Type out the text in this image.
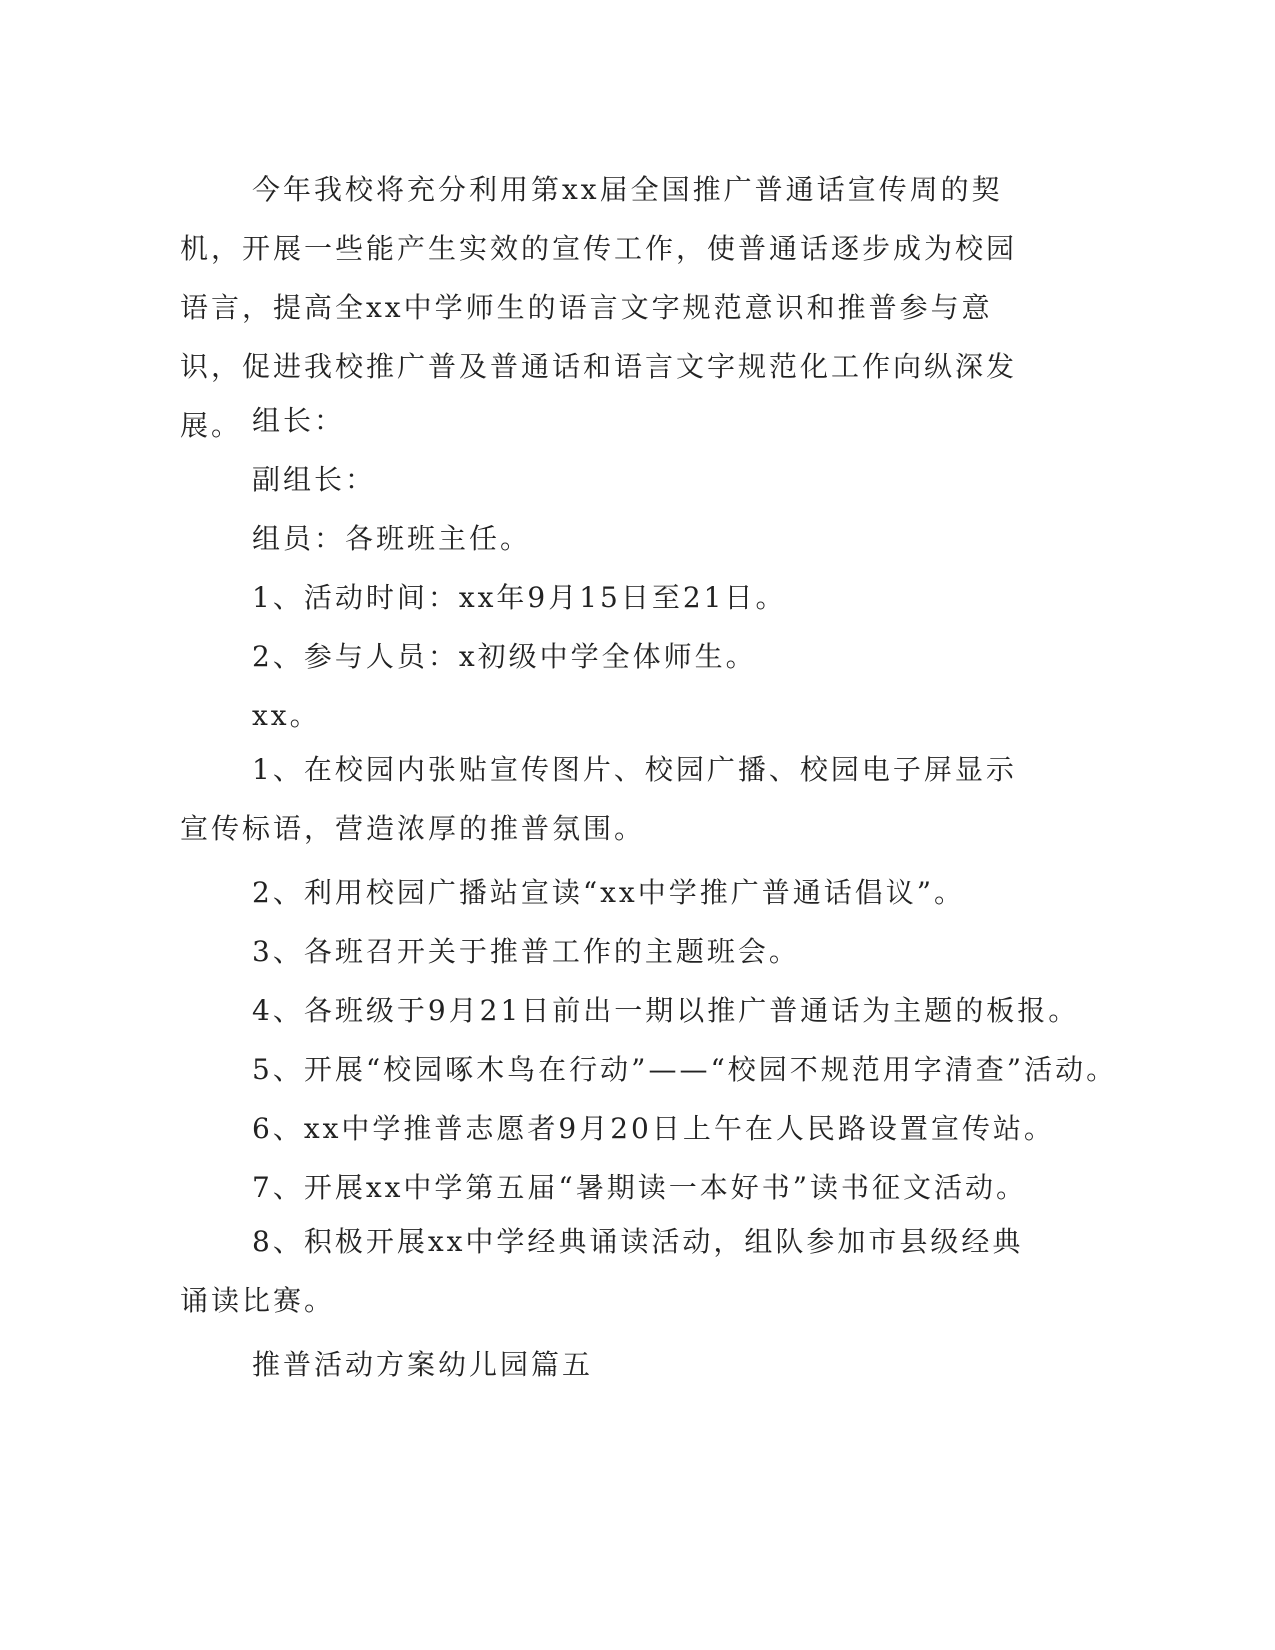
今年我校将充分利用第xx届全国推广普通话宣传周的契机，开展一些能产生实效的宣传工作，使普通话逐步成为校园语言，提高全xx中学师生的语言文字规范意识和推普参与意识，促进我校推广普及普通话和语言文字规范化工作向纵深发展。 组长：

副组长：

组员：各班班主任。

1、活动时间：xx年9月15日至21日。

2、参与人员：x初级中学全体师生。

xx。

1、在校园内张贴宣传图片、校园广播、校园电子屏显示宣传标语，营造浓厚的推普氛围。

2、利用校园广播站宣读“xx中学推广普通话倡议”。

3、各班召开关于推普工作的主题班会。

4、各班级于9月21日前出一期以推广普通话为主题的板报。

5、开展“校园啄木鸟在行动”——“校园不规范用字清查”活动。

6、xx中学推普志愿者9月20日上午在人民路设置宣传站。

7、开展xx中学第五届“暑期读一本好书”读书征文活动。

8、积极开展xx中学经典诵读活动，组队参加市县级经典诵读比赛。

推普活动方案幼儿园篇五
